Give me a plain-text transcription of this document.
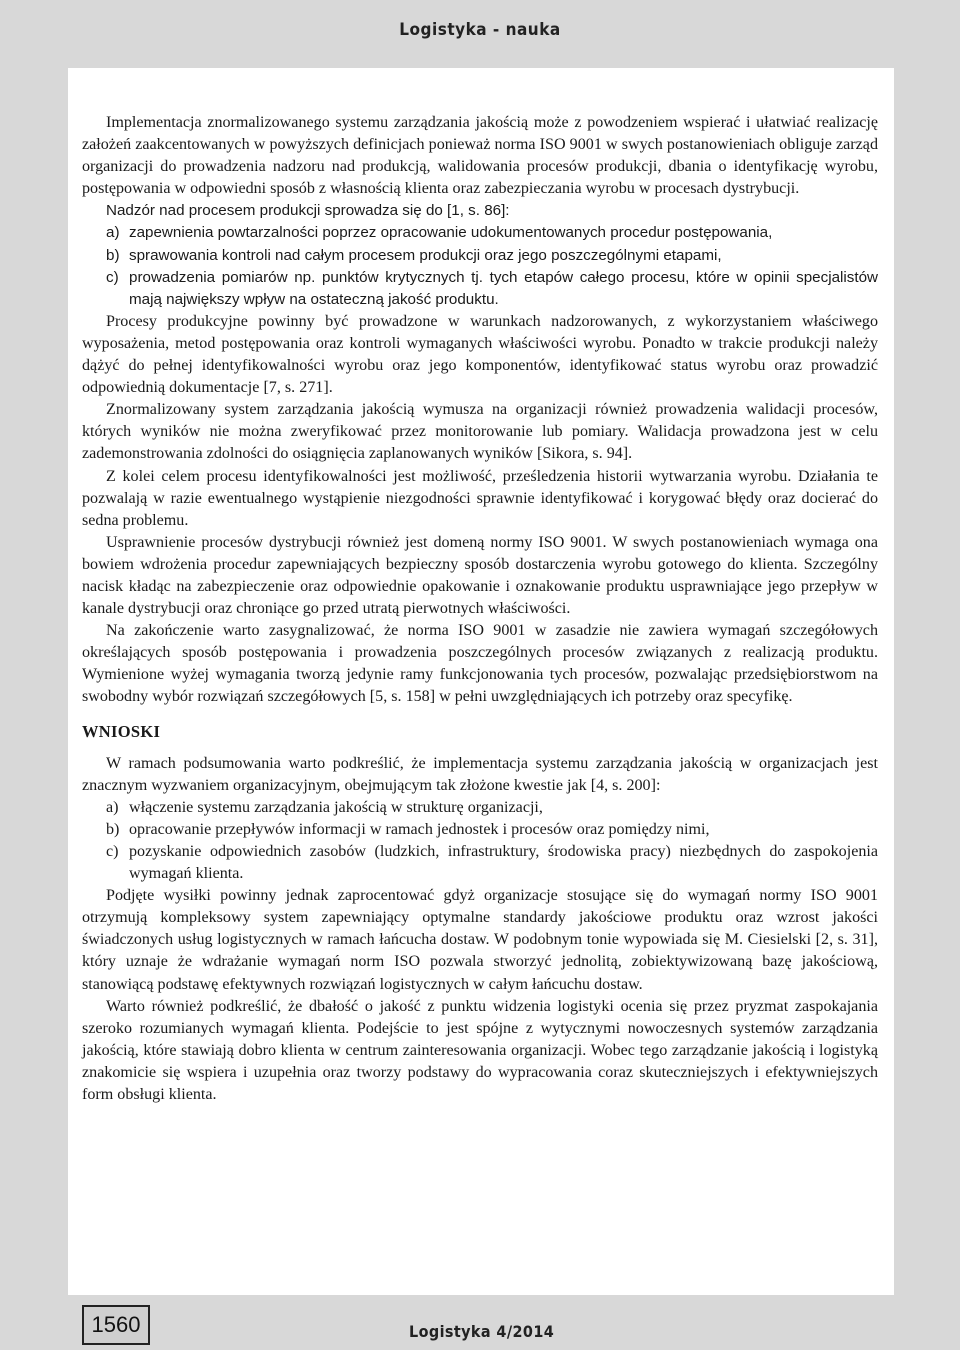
Logistyka - nauka

Implementacja znormalizowanego systemu zarządzania jakością może z powodzeniem wspierać i ułatwiać realizację założeń zaakcentowanych w powyższych definicjach ponieważ norma ISO 9001 w swych postanowieniach obliguje zarząd organizacji do prowadzenia nadzoru nad produkcją, walidowania procesów produkcji, dbania o identyfikację wyrobu, postępowania w odpowiedni sposób z własnością klienta oraz zabezpieczania wyrobu w procesach dystrybucji.

Nadzór nad procesem produkcji sprowadza się do [1, s. 86]:

a) zapewnienia powtarzalności poprzez opracowanie udokumentowanych procedur postępowania,
b) sprawowania kontroli nad całym procesem produkcji oraz jego poszczególnymi etapami,
c) prowadzenia pomiarów np. punktów krytycznych tj. tych etapów całego procesu, które w opinii specjalistów mają największy wpływ na ostateczną jakość produktu.

Procesy produkcyjne powinny być prowadzone w warunkach nadzorowanych, z wykorzystaniem właściwego wyposażenia, metod postępowania oraz kontroli wymaganych właściwości wyrobu. Ponadto w trakcie produkcji należy dążyć do pełnej identyfikowalności wyrobu oraz jego komponentów, identyfikować status wyrobu oraz prowadzić odpowiednią dokumentacje [7, s. 271].

Znormalizowany system zarządzania jakością wymusza na organizacji również prowadzenia walidacji procesów, których wyników nie można zweryfikować przez monitorowanie lub pomiary. Walidacja prowadzona jest w celu zademonstrowania zdolności do osiągnięcia zaplanowanych wyników [Sikora, s. 94].

Z kolei celem procesu identyfikowalności jest możliwość, prześledzenia historii wytwarzania wyrobu. Działania te pozwalają w razie ewentualnego wystąpienie niezgodności sprawnie identyfikować i korygować błędy oraz docierać do sedna problemu.

Usprawnienie procesów dystrybucji również jest domeną normy ISO 9001. W swych postanowieniach wymaga ona bowiem wdrożenia procedur zapewniających bezpieczny sposób dostarczenia wyrobu gotowego do klienta. Szczególny nacisk kładąc na zabezpieczenie oraz odpowiednie opakowanie i oznakowanie produktu usprawniające jego przepływ w kanale dystrybucji oraz chroniące go przed utratą pierwotnych właściwości.

Na zakończenie warto zasygnalizować, że norma ISO 9001 w zasadzie nie zawiera wymagań szczegółowych określających sposób postępowania i prowadzenia poszczególnych procesów związanych z realizacją produktu. Wymienione wyżej wymagania tworzą jedynie ramy funkcjonowania tych procesów, pozwalając przedsiębiorstwom na swobodny wybór rozwiązań szczegółowych [5, s. 158] w pełni uwzględniających ich potrzeby oraz specyfikę.

WNIOSKI

W ramach podsumowania warto podkreślić, że implementacja systemu zarządzania jakością w organizacjach jest znacznym wyzwaniem organizacyjnym, obejmującym tak złożone kwestie jak [4, s. 200]:

a) włączenie systemu zarządzania jakością w strukturę organizacji,
b) opracowanie przepływów informacji w ramach jednostek i procesów oraz pomiędzy nimi,
c) pozyskanie odpowiednich zasobów (ludzkich, infrastruktury, środowiska pracy) niezbędnych do zaspokojenia wymagań klienta.

Podjęte wysiłki powinny jednak zaprocentować gdyż organizacje stosujące się do wymagań normy ISO 9001 otrzymują kompleksowy system zapewniający optymalne standardy jakościowe produktu oraz wzrost jakości świadczonych usług logistycznych w ramach łańcucha dostaw. W podobnym tonie wypowiada się M. Ciesielski [2, s. 31], który uznaje że wdrażanie wymagań norm ISO pozwala stworzyć jednolitą, zobiektywizowaną bazę jakościową, stanowiącą podstawę efektywnych rozwiązań logistycznych w całym łańcuchu dostaw.

Warto również podkreślić, że dbałość o jakość z punktu widzenia logistyki ocenia się przez pryzmat zaspokajania szeroko rozumianych wymagań klienta. Podejście to jest spójne z wytycznymi nowoczesnych systemów zarządzania jakością, które stawiają dobro klienta w centrum zainteresowania organizacji. Wobec tego zarządzanie jakością i logistyką znakomicie się wspiera i uzupełnia oraz tworzy podstawy do wypracowania coraz skuteczniejszych i efektywniejszych form obsługi klienta.

1560	Logistyka 4/2014
